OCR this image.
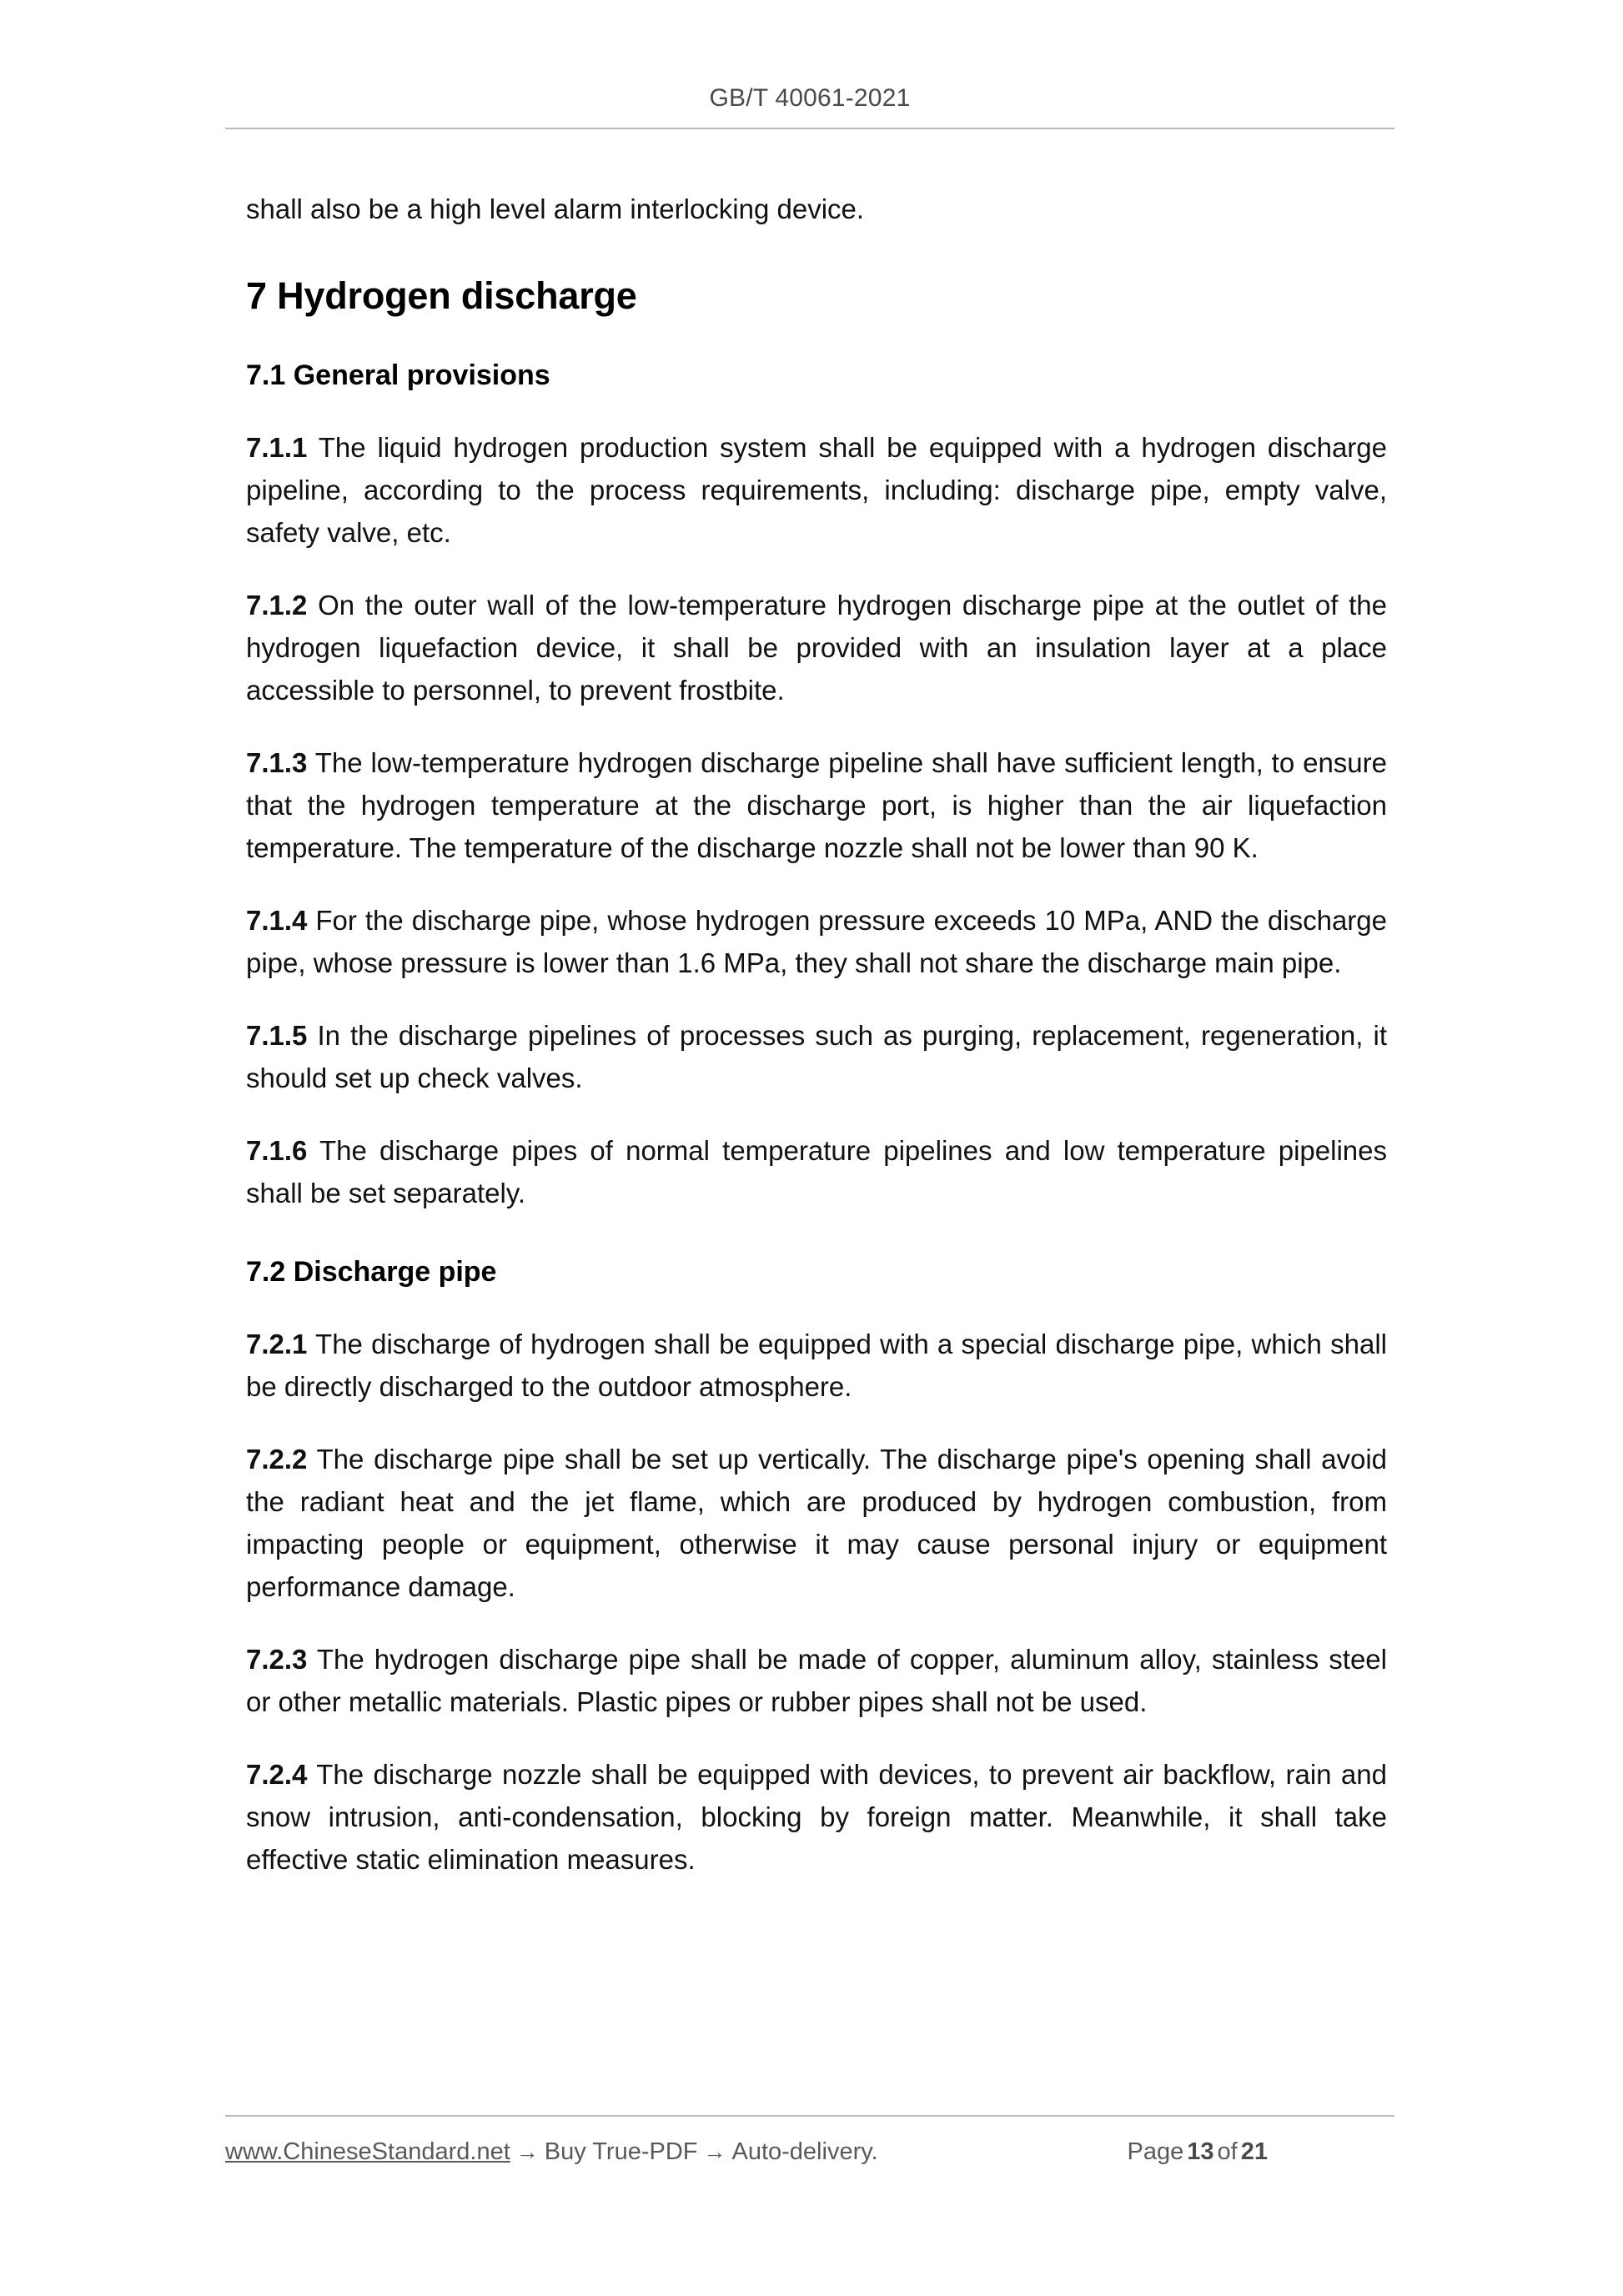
GB/T 40061-2021

shall also be a high level alarm interlocking device.

7 Hydrogen discharge
7.1 General provisions

7.1.1 The liquid hydrogen production system shall be equipped with a hydrogen discharge pipeline, according to the process requirements, including: discharge pipe, empty valve, safety valve, etc.

7.1.2 On the outer wall of the low-temperature hydrogen discharge pipe at the outlet of the hydrogen liquefaction device, it shall be provided with an insulation layer at a place accessible to personnel, to prevent frostbite.

7.1.3 The low-temperature hydrogen discharge pipeline shall have sufficient length, to ensure that the hydrogen temperature at the discharge port, is higher than the air liquefaction temperature. The temperature of the discharge nozzle shall not be lower than 90 K.

7.1.4 For the discharge pipe, whose hydrogen pressure exceeds 10 MPa, AND the discharge pipe, whose pressure is lower than 1.6 MPa, they shall not share the discharge main pipe.

7.1.5 In the discharge pipelines of processes such as purging, replacement, regeneration, it should set up check valves.

7.1.6 The discharge pipes of normal temperature pipelines and low temperature pipelines shall be set separately.

7.2 Discharge pipe

7.2.1 The discharge of hydrogen shall be equipped with a special discharge pipe, which shall be directly discharged to the outdoor atmosphere.

7.2.2 The discharge pipe shall be set up vertically. The discharge pipe's opening shall avoid the radiant heat and the jet flame, which are produced by hydrogen combustion, from impacting people or equipment, otherwise it may cause personal injury or equipment performance damage.

7.2.3 The hydrogen discharge pipe shall be made of copper, aluminum alloy, stainless steel or other metallic materials. Plastic pipes or rubber pipes shall not be used.

7.2.4 The discharge nozzle shall be equipped with devices, to prevent air backflow, rain and snow intrusion, anti-condensation, blocking by foreign matter. Meanwhile, it shall take effective static elimination measures.

www.ChineseStandard.net → Buy True-PDF → Auto-delivery.	Page 13 of 21
